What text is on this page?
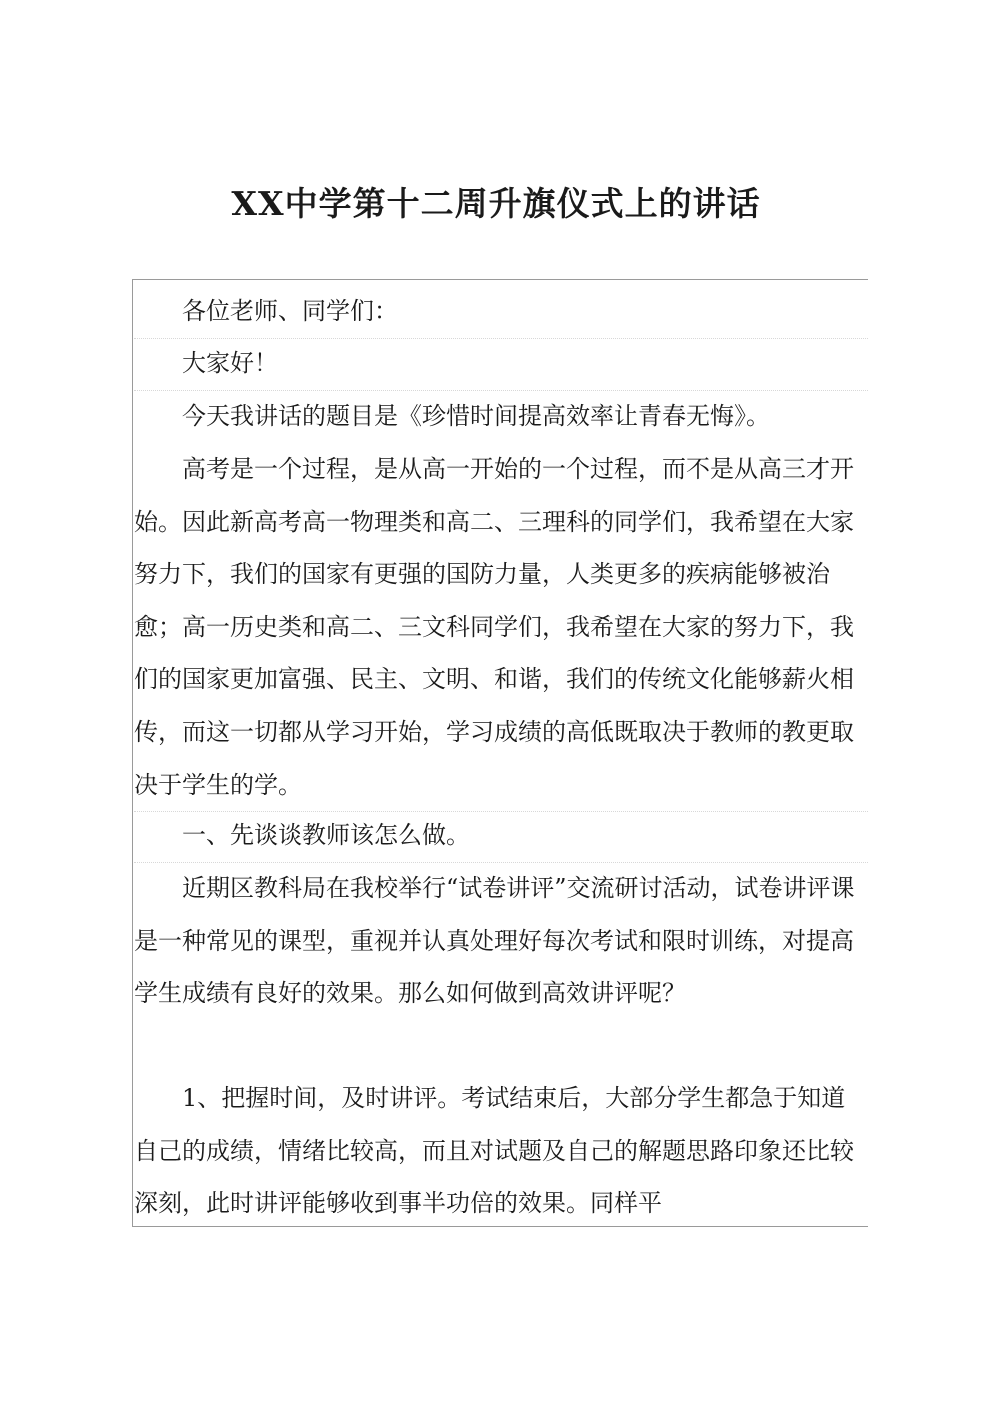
XX中学第十二周升旗仪式上的讲话

各位老师、同学们：

大家好！

今天我讲话的题目是《珍惜时间提高效率让青春无悔》。

高考是一个过程，是从高一开始的一个过程，而不是从高三才开始。因此新高考高一物理类和高二、三理科的同学们，我希望在大家努力下，我们的国家有更强的国防力量，人类更多的疾病能够被治愈；高一历史类和高二、三文科同学们，我希望在大家的努力下，我们的国家更加富强、民主、文明、和谐，我们的传统文化能够薪火相传，而这一切都从学习开始，学习成绩的高低既取决于教师的教更取决于学生的学。

一、先谈谈教师该怎么做。

近期区教科局在我校举行“试卷讲评”交流研讨活动，试卷讲评课是一种常见的课型，重视并认真处理好每次考试和限时训练，对提高学生成绩有良好的效果。那么如何做到高效讲评呢？

1、把握时间，及时讲评。考试结束后，大部分学生都急于知道自己的成绩，情绪比较高，而且对试题及自己的解题思路印象还比较深刻，此时讲评能够收到事半功倍的效果。同样平
